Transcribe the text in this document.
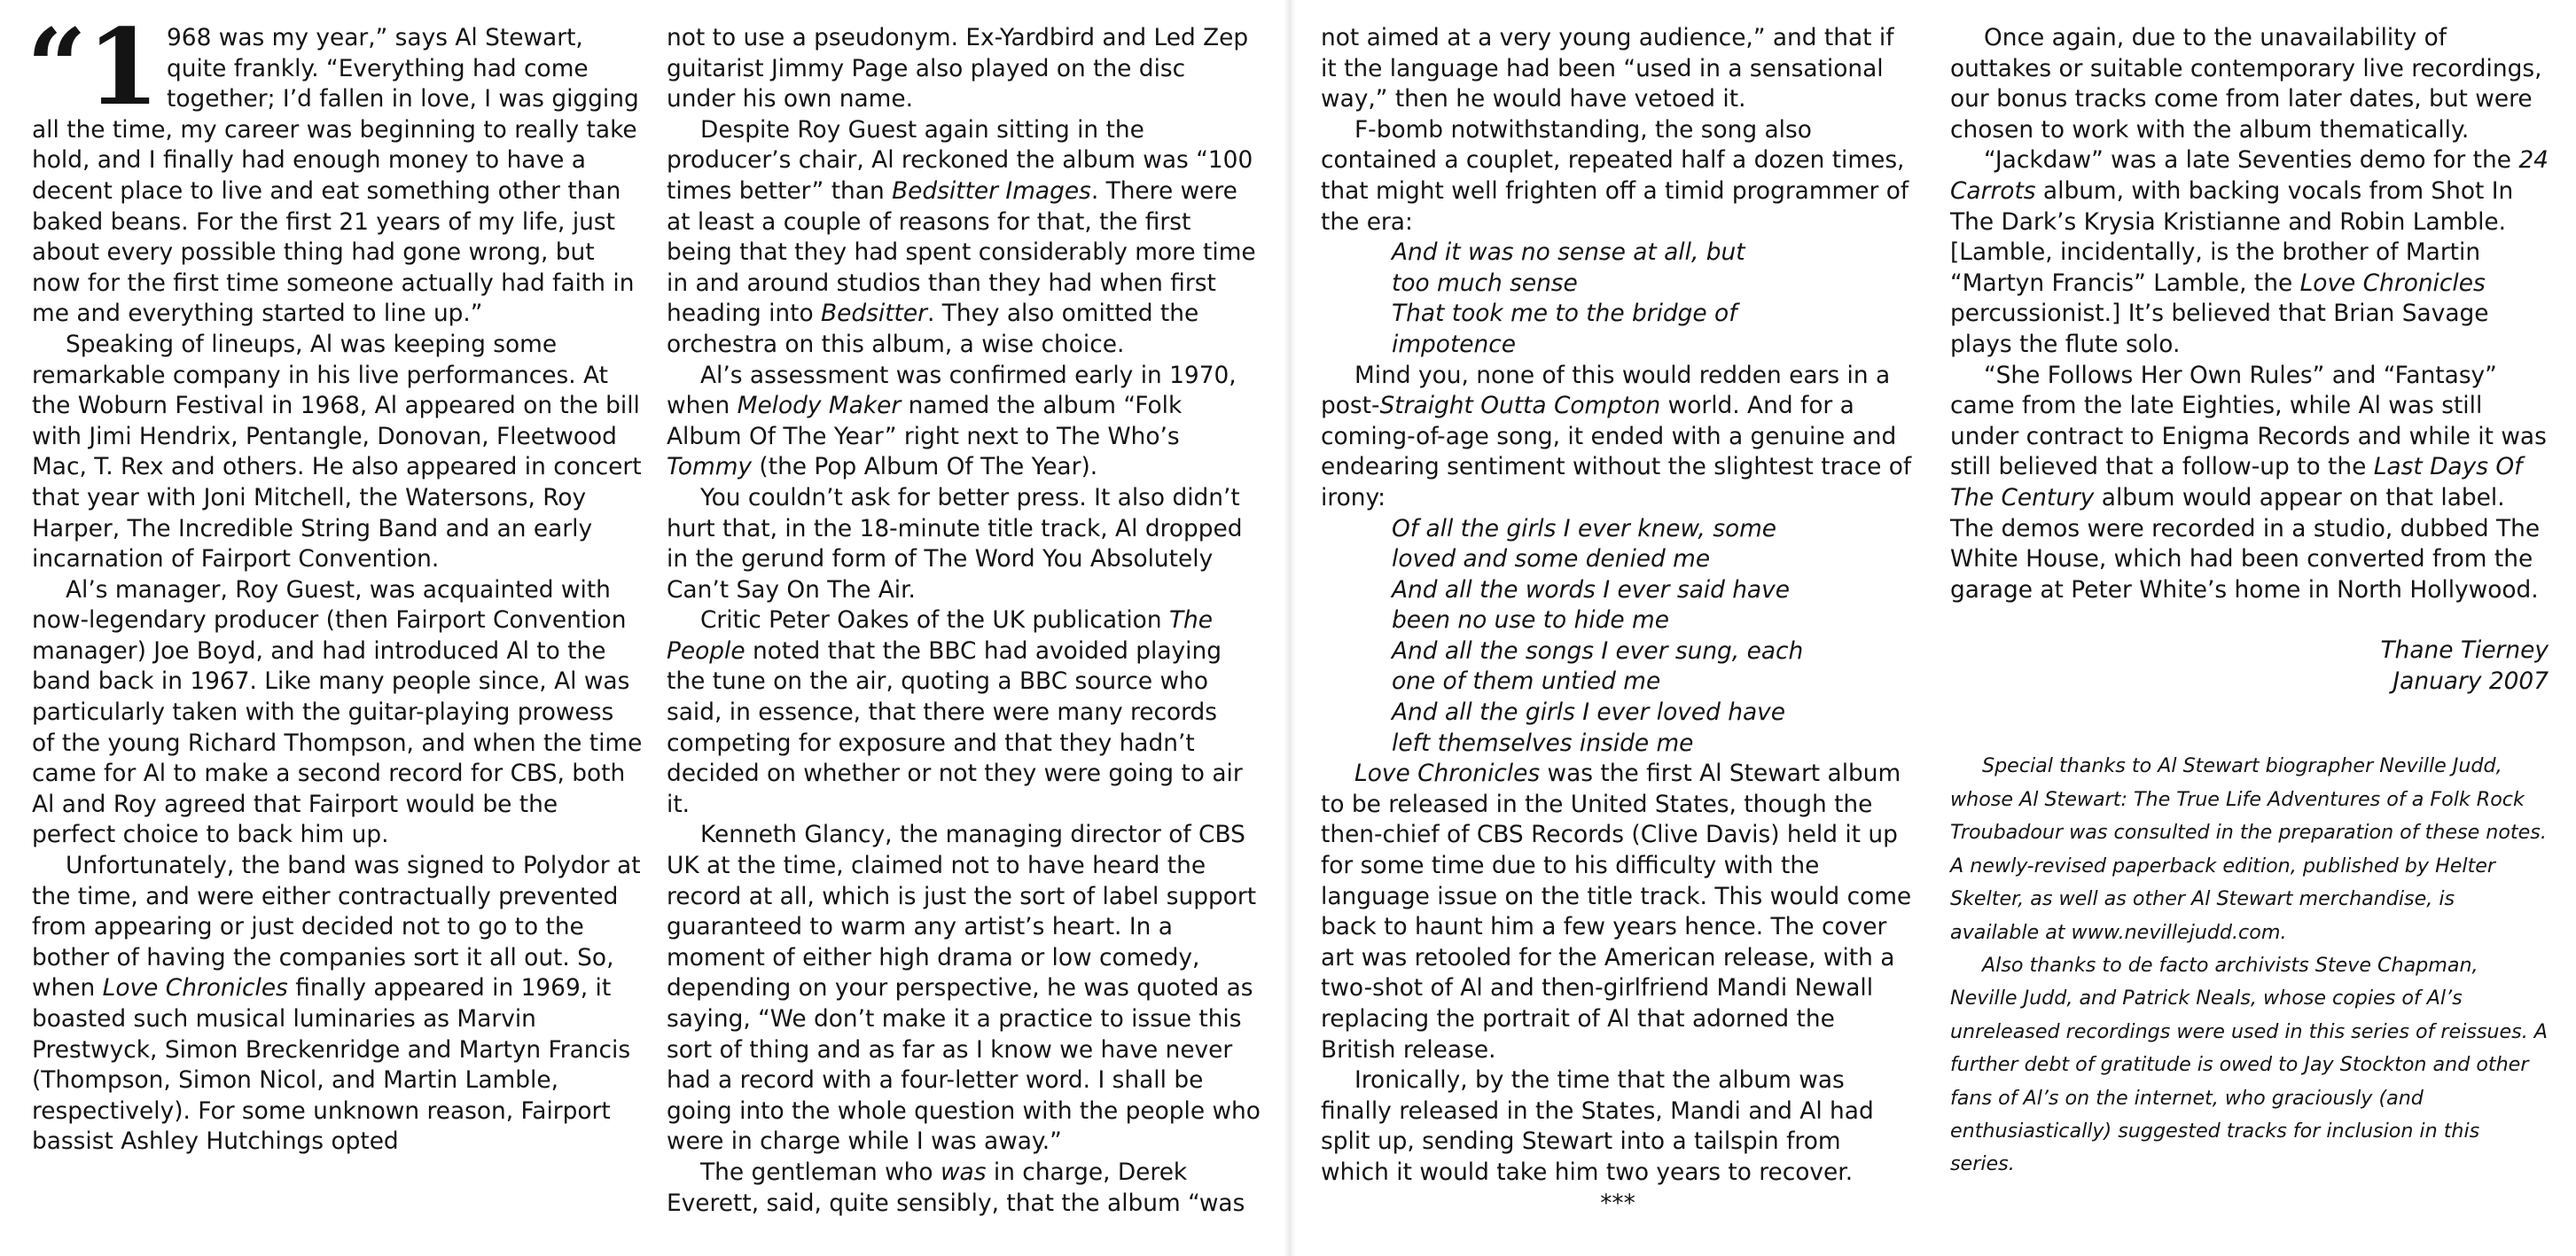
“1 968 was my year,” says Al Stewart, quite frankly. “Everything had come together; I’d fallen in love, I was gigging all the time, my career was beginning to really take hold, and I finally had enough money to have a decent place to live and eat something other than baked beans. For the first 21 years of my life, just about every possible thing had gone wrong, but now for the first time someone actually had faith in me and everything started to line up.”

Speaking of lineups, Al was keeping some remarkable company in his live performances. At the Woburn Festival in 1968, Al appeared on the bill with Jimi Hendrix, Pentangle, Donovan, Fleetwood Mac, T. Rex and others. He also appeared in concert that year with Joni Mitchell, the Watersons, Roy Harper, The Incredible String Band and an early incarnation of Fairport Convention.

Al’s manager, Roy Guest, was acquainted with now-legendary producer (then Fairport Convention manager) Joe Boyd, and had introduced Al to the band back in 1967. Like many people since, Al was particularly taken with the guitar-playing prowess of the young Richard Thompson, and when the time came for Al to make a second record for CBS, both Al and Roy agreed that Fairport would be the perfect choice to back him up.

Unfortunately, the band was signed to Polydor at the time, and were either contractually prevented from appearing or just decided not to go to the bother of having the companies sort it all out. So, when Love Chronicles finally appeared in 1969, it boasted such musical luminaries as Marvin Prestwyck, Simon Breckenridge and Martyn Francis (Thompson, Simon Nicol, and Martin Lamble, respectively). For some unknown reason, Fairport bassist Ashley Hutchings opted

not to use a pseudonym. Ex-Yardbird and Led Zep guitarist Jimmy Page also played on the disc under his own name.

Despite Roy Guest again sitting in the producer’s chair, Al reckoned the album was “100 times better” than Bedsitter Images. There were at least a couple of reasons for that, the first being that they had spent considerably more time in and around studios than they had when first heading into Bedsitter. They also omitted the orchestra on this album, a wise choice.

Al’s assessment was confirmed early in 1970, when Melody Maker named the album “Folk Album Of The Year” right next to The Who’s Tommy (the Pop Album Of The Year).

You couldn’t ask for better press. It also didn’t hurt that, in the 18-minute title track, Al dropped in the gerund form of The Word You Absolutely Can’t Say On The Air.

Critic Peter Oakes of the UK publication The People noted that the BBC had avoided playing the tune on the air, quoting a BBC source who said, in essence, that there were many records competing for exposure and that they hadn’t decided on whether or not they were going to air it.

Kenneth Glancy, the managing director of CBS UK at the time, claimed not to have heard the record at all, which is just the sort of label support guaranteed to warm any artist’s heart. In a moment of either high drama or low comedy, depending on your perspective, he was quoted as saying, “We don’t make it a practice to issue this sort of thing and as far as I know we have never had a record with a four-letter word. I shall be going into the whole question with the people who were in charge while I was away.”

The gentleman who was in charge, Derek Everett, said, quite sensibly, that the album “was

not aimed at a very young audience,” and that if it the language had been “used in a sensational way,” then he would have vetoed it.

F-bomb notwithstanding, the song also contained a couplet, repeated half a dozen times, that might well frighten off a timid programmer of the era:

And it was no sense at all, but
too much sense
That took me to the bridge of
impotence

Mind you, none of this would redden ears in a post-Straight Outta Compton world. And for a coming-of-age song, it ended with a genuine and endearing sentiment without the slightest trace of irony:

Of all the girls I ever knew, some
loved and some denied me
And all the words I ever said have
been no use to hide me
And all the songs I ever sung, each
one of them untied me
And all the girls I ever loved have
left themselves inside me

Love Chronicles was the first Al Stewart album to be released in the United States, though the then-chief of CBS Records (Clive Davis) held it up for some time due to his difficulty with the language issue on the title track. This would come back to haunt him a few years hence. The cover art was retooled for the American release, with a two-shot of Al and then-girlfriend Mandi Newall replacing the portrait of Al that adorned the British release.

Ironically, by the time that the album was finally released in the States, Mandi and Al had split up, sending Stewart into a tailspin from which it would take him two years to recover.

***

Once again, due to the unavailability of outtakes or suitable contemporary live recordings, our bonus tracks come from later dates, but were chosen to work with the album thematically.

“Jackdaw” was a late Seventies demo for the 24 Carrots album, with backing vocals from Shot In The Dark’s Krysia Kristianne and Robin Lamble. [Lamble, incidentally, is the brother of Martin “Martyn Francis” Lamble, the Love Chronicles percussionist.] It’s believed that Brian Savage plays the flute solo.

“She Follows Her Own Rules” and “Fantasy” came from the late Eighties, while Al was still under contract to Enigma Records and while it was still believed that a follow-up to the Last Days Of The Century album would appear on that label. The demos were recorded in a studio, dubbed The White House, which had been converted from the garage at Peter White’s home in North Hollywood.

Thane Tierney
January 2007

Special thanks to Al Stewart biographer Neville Judd, whose Al Stewart: The True Life Adventures of a Folk Rock Troubadour was consulted in the preparation of these notes. A newly-revised paperback edition, published by Helter Skelter, as well as other Al Stewart merchandise, is available at www.nevillejudd.com.

Also thanks to de facto archivists Steve Chapman, Neville Judd, and Patrick Neals, whose copies of Al’s unreleased recordings were used in this series of reissues. A further debt of gratitude is owed to Jay Stockton and other fans of Al’s on the internet, who graciously (and enthusiastically) suggested tracks for inclusion in this series.
